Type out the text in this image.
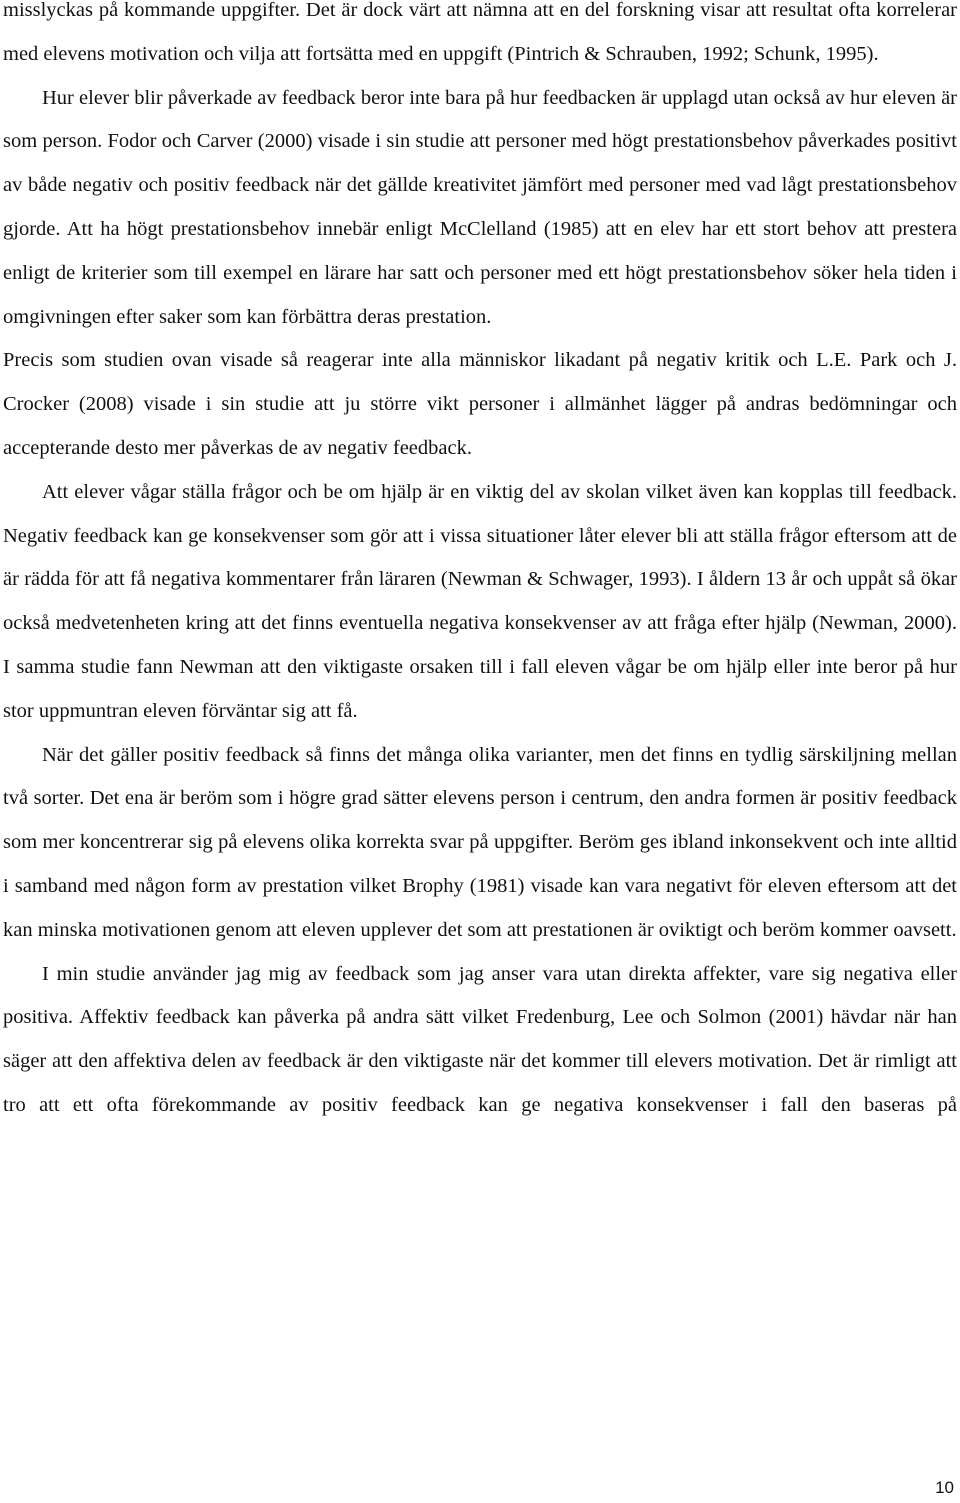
misslyckas på kommande uppgifter. Det är dock värt att nämna att en del forskning visar att resultat ofta korrelerar med elevens motivation och vilja att fortsätta med en uppgift (Pintrich & Schrauben, 1992; Schunk, 1995).

Hur elever blir påverkade av feedback beror inte bara på hur feedbacken är upplagd utan också av hur eleven är som person. Fodor och Carver (2000) visade i sin studie att personer med högt prestationsbehov påverkades positivt av både negativ och positiv feedback när det gällde kreativitet jämfört med personer med vad lågt prestationsbehov gjorde. Att ha högt prestationsbehov innebär enligt McClelland (1985) att en elev har ett stort behov att prestera enligt de kriterier som till exempel en lärare har satt och personer med ett högt prestationsbehov söker hela tiden i omgivningen efter saker som kan förbättra deras prestation.

Precis som studien ovan visade så reagerar inte alla människor likadant på negativ kritik och L.E. Park och J. Crocker (2008) visade i sin studie att ju större vikt personer i allmänhet lägger på andras bedömningar och accepterande desto mer påverkas de av negativ feedback.

Att elever vågar ställa frågor och be om hjälp är en viktig del av skolan vilket även kan kopplas till feedback. Negativ feedback kan ge konsekvenser som gör att i vissa situationer låter elever bli att ställa frågor eftersom att de är rädda för att få negativa kommentarer från läraren (Newman & Schwager, 1993). I åldern 13 år och uppåt så ökar också medvetenheten kring att det finns eventuella negativa konsekvenser av att fråga efter hjälp (Newman, 2000). I samma studie fann Newman att den viktigaste orsaken till i fall eleven vågar be om hjälp eller inte beror på hur stor uppmuntran eleven förväntar sig att få.

När det gäller positiv feedback så finns det många olika varianter, men det finns en tydlig särskiljning mellan två sorter. Det ena är beröm som i högre grad sätter elevens person i centrum, den andra formen är positiv feedback som mer koncentrerar sig på elevens olika korrekta svar på uppgifter. Beröm ges ibland inkonsekvent och inte alltid i samband med någon form av prestation vilket Brophy (1981) visade kan vara negativt för eleven eftersom att det kan minska motivationen genom att eleven upplever det som att prestationen är oviktigt och beröm kommer oavsett.

I min studie använder jag mig av feedback som jag anser vara utan direkta affekter, vare sig negativa eller positiva. Affektiv feedback kan påverka på andra sätt vilket Fredenburg, Lee och Solmon (2001) hävdar när han säger att den affektiva delen av feedback är den viktigaste när det kommer till elevers motivation. Det är rimligt att tro att ett ofta förekommande av positiv feedback kan ge negativa konsekvenser i fall den baseras på

10
